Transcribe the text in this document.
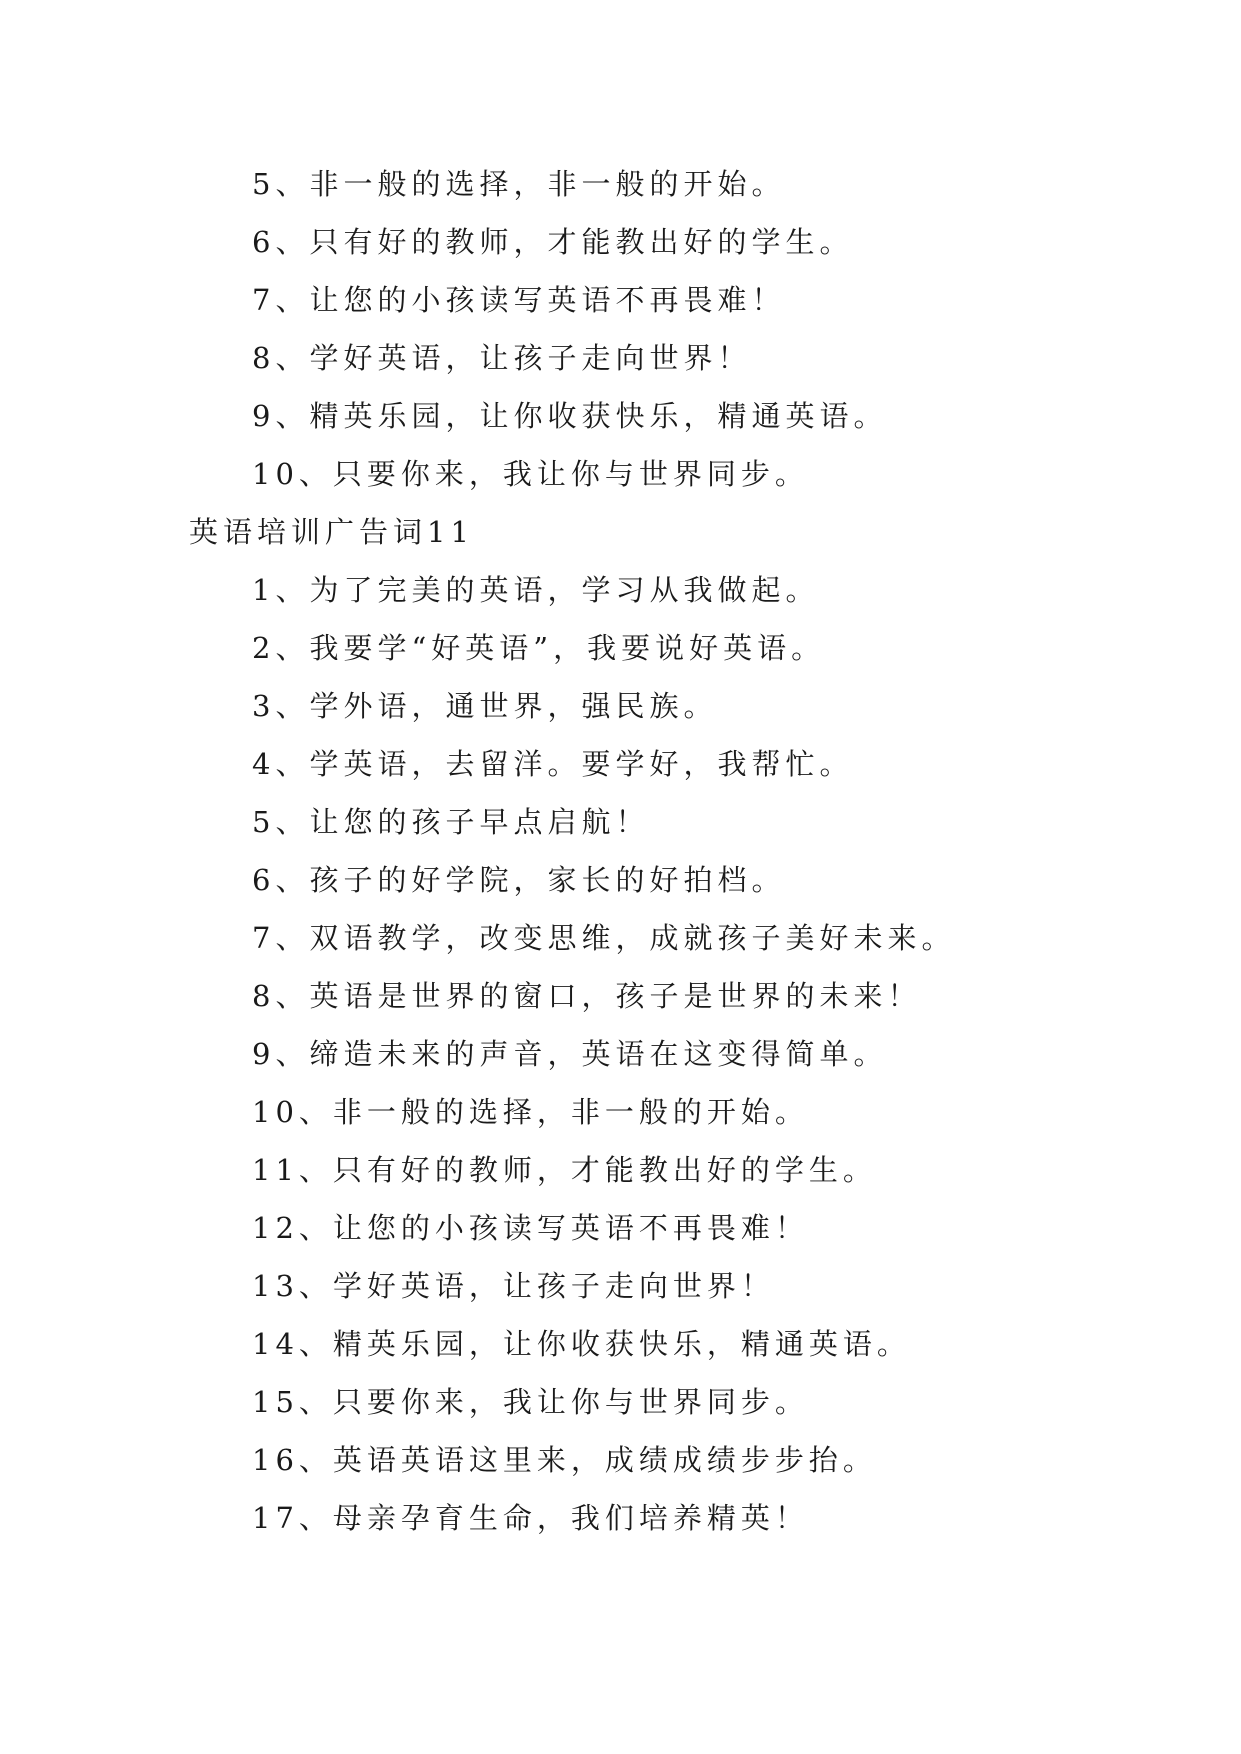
5、非一般的选择，非一般的开始。
6、只有好的教师，才能教出好的学生。
7、让您的小孩读写英语不再畏难！
8、学好英语，让孩子走向世界！
9、精英乐园，让你收获快乐，精通英语。
10、只要你来，我让你与世界同步。
英语培训广告词11
1、为了完美的英语，学习从我做起。
2、我要学“好英语”，我要说好英语。
3、学外语，通世界，强民族。
4、学英语，去留洋。要学好，我帮忙。
5、让您的孩子早点启航！
6、孩子的好学院，家长的好拍档。
7、双语教学，改变思维，成就孩子美好未来。
8、英语是世界的窗口，孩子是世界的未来！
9、缔造未来的声音，英语在这变得简单。
10、非一般的选择，非一般的开始。
11、只有好的教师，才能教出好的学生。
12、让您的小孩读写英语不再畏难！
13、学好英语，让孩子走向世界！
14、精英乐园，让你收获快乐，精通英语。
15、只要你来，我让你与世界同步。
16、英语英语这里来，成绩成绩步步抬。
17、母亲孕育生命，我们培养精英！
